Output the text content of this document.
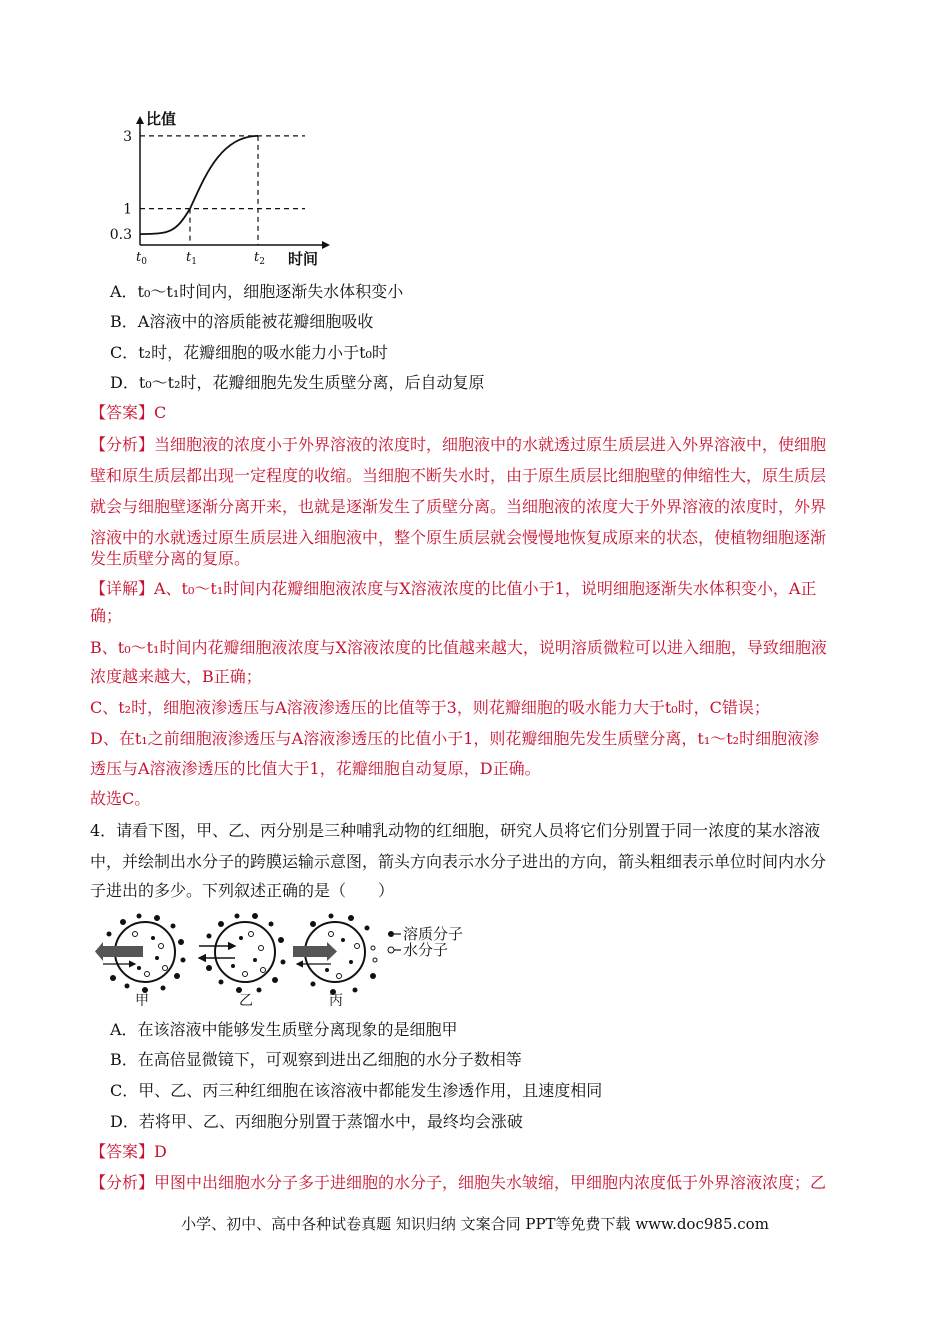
3
1
0.3
$t_0$	$t_1$	$t_2$
比值
时间
A．t₀～t₁时间内，细胞逐渐失水体积变小
B．A溶液中的溶质能被花瓣细胞吸收
C．t₂时，花瓣细胞的吸水能力小于t₀时
D．t₀～t₂时，花瓣细胞先发生质壁分离，后自动复原
【答案】C
【分析】当细胞液的浓度小于外界溶液的浓度时，细胞液中的水就透过原生质层进入外界溶液中，使细胞
壁和原生质层都出现一定程度的收缩。当细胞不断失水时，由于原生质层比细胞壁的伸缩性大，原生质层
就会与细胞壁逐渐分离开来，也就是逐渐发生了质壁分离。当细胞液的浓度大于外界溶液的浓度时，外界
溶液中的水就透过原生质层进入细胞液中，整个原生质层就会慢慢地恢复成原来的状态，使植物细胞逐渐
发生质壁分离的复原。
【详解】A、t₀～t₁时间内花瓣细胞液浓度与X溶液浓度的比值小于1，说明细胞逐渐失水体积变小，A正
确；
B、t₀～t₁时间内花瓣细胞液浓度与X溶液浓度的比值越来越大，说明溶质微粒可以进入细胞，导致细胞液
浓度越来越大，B正确；
C、t₂时，细胞液渗透压与A溶液渗透压的比值等于3，则花瓣细胞的吸水能力大于t₀时，C错误；
D、在t₁之前细胞液渗透压与A溶液渗透压的比值小于1，则花瓣细胞先发生质壁分离，t₁～t₂时细胞液渗
透压与A溶液渗透压的比值大于1，花瓣细胞自动复原，D正确。
故选C。
4．请看下图，甲、乙、丙分别是三种哺乳动物的红细胞，研究人员将它们分别置于同一浓度的某水溶液
中，并绘制出水分子的跨膜运输示意图，箭头方向表示水分子进出的方向，箭头粗细表示单位时间内水分
子进出的多少。下列叙述正确的是（　　）
溶质分子
水分子
甲	乙	丙
A．在该溶液中能够发生质壁分离现象的是细胞甲
B．在高倍显微镜下，可观察到进出乙细胞的水分子数相等
C．甲、乙、丙三种红细胞在该溶液中都能发生渗透作用，且速度相同
D．若将甲、乙、丙细胞分别置于蒸馏水中，最终均会涨破
【答案】D
【分析】甲图中出细胞水分子多于进细胞的水分子，细胞失水皱缩，甲细胞内浓度低于外界溶液浓度；乙
小学、初中、高中各种试卷真题 知识归纳 文案合同 PPT等免费下载 www.doc985.com
